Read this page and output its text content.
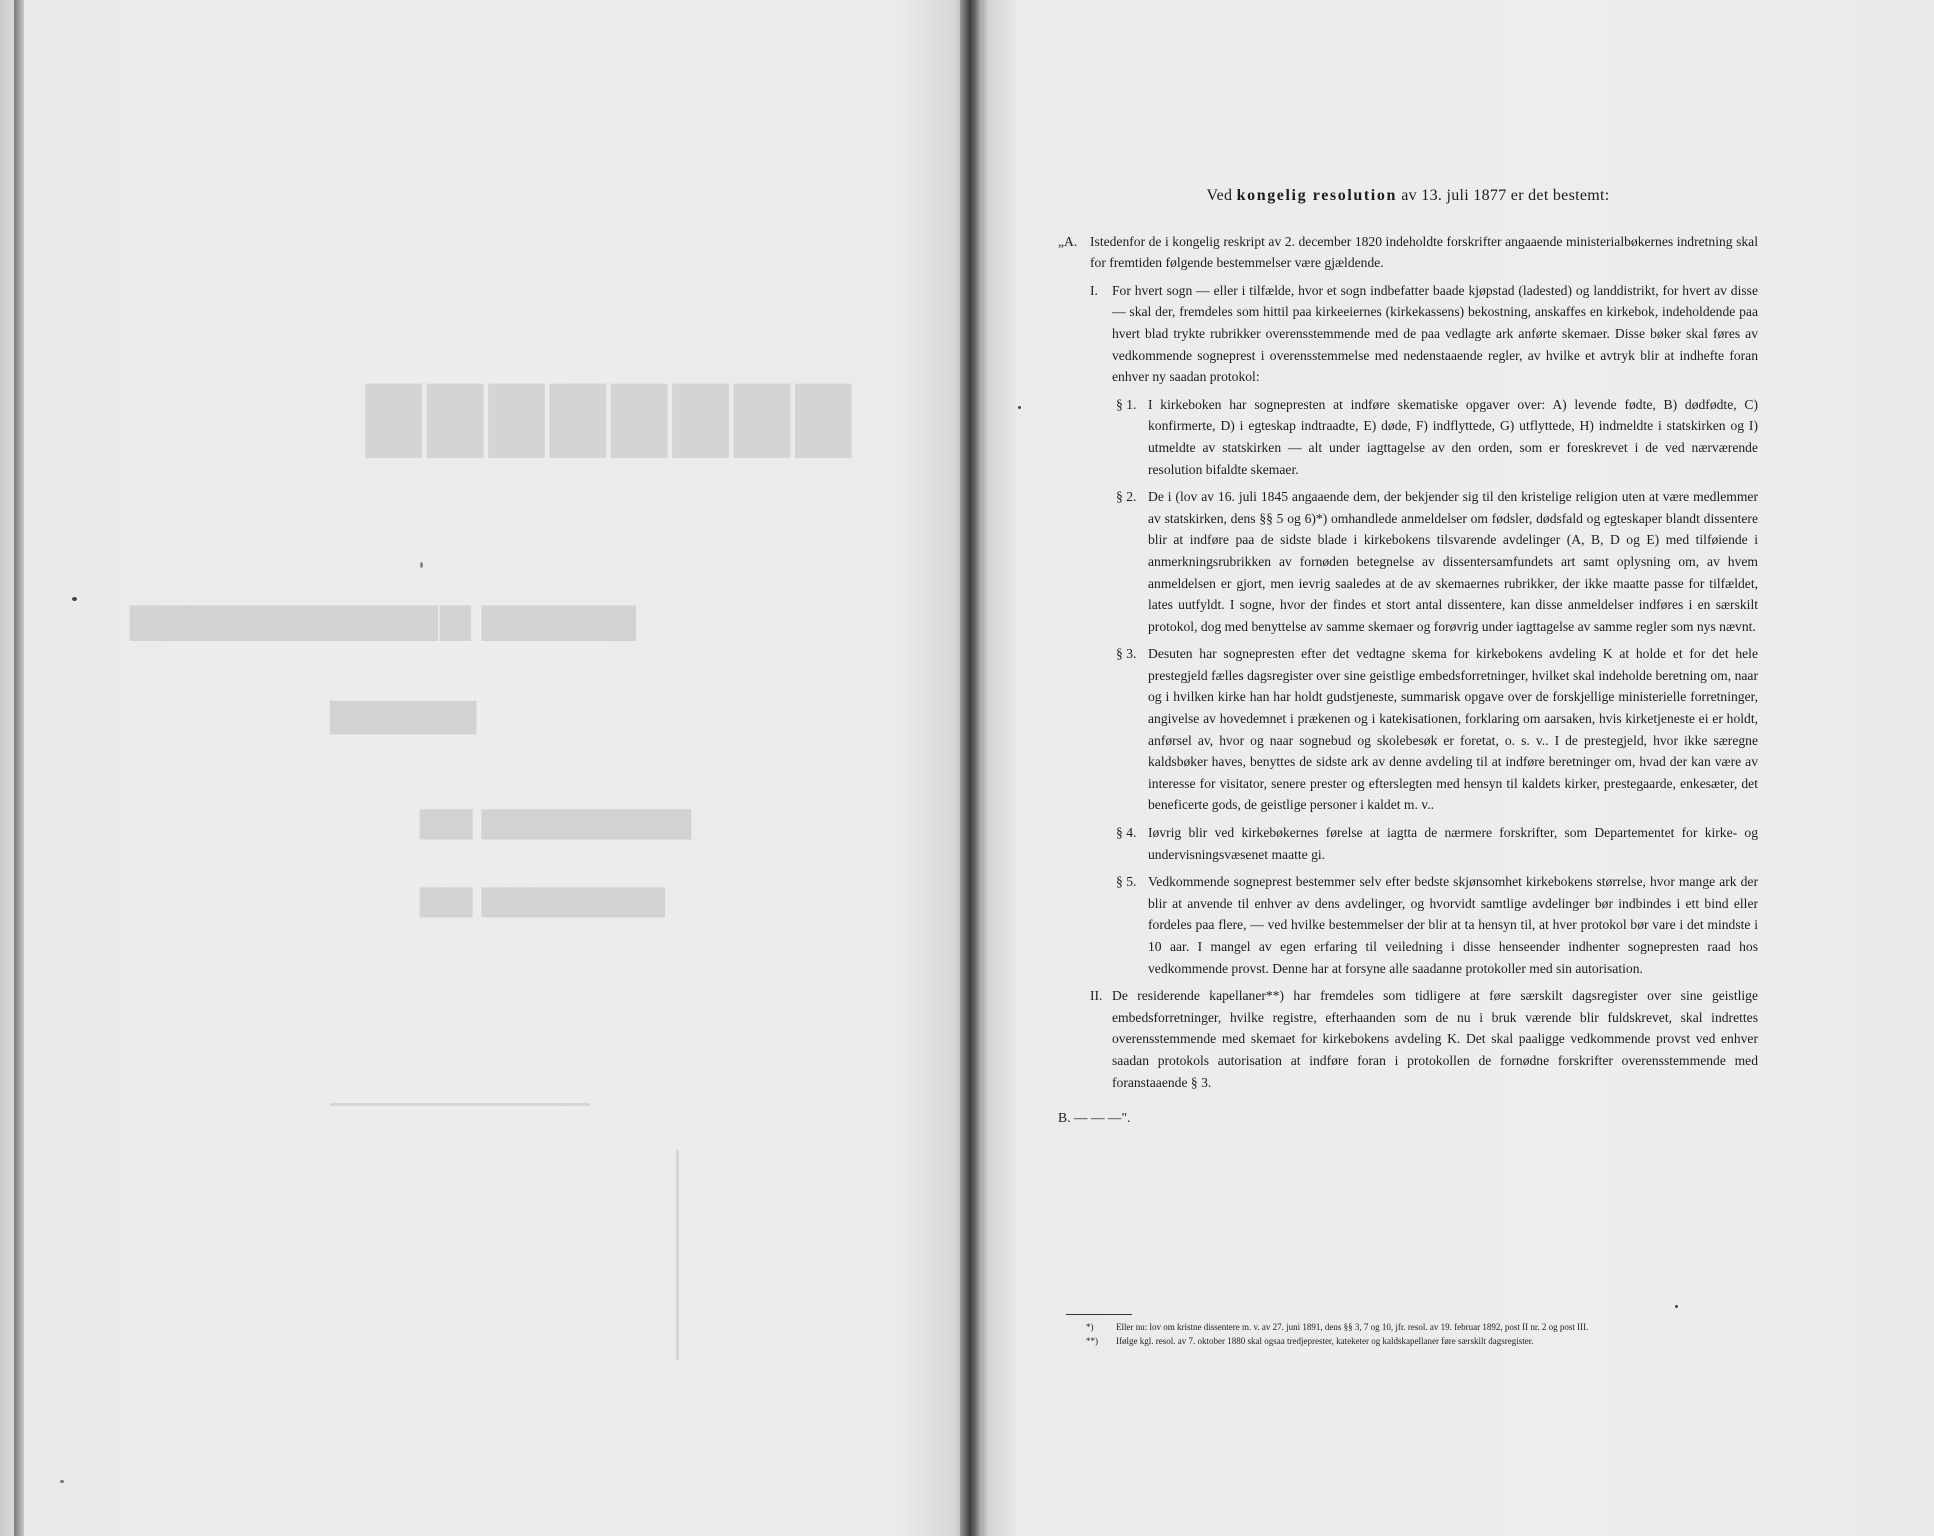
▇▇▇▇▇▇▇▇
▆▆▆▆▆ ▆
▆▆▆▆▆▆▆▆▆▆
▆▆▆▆▆
▆▆▆▆▆▆▆▆ ▆▆
▆▆▆▆▆▆▆ ▆▆
Ved kongelig resolution av 13. juli 1877 er det bestemt:
„A. Istedenfor de i kongelig reskript av 2. december 1820 indeholdte forskrifter angaaende ministerialbøkernes indretning skal for fremtiden følgende bestemmelser være gjældende.
I. For hvert sogn — eller i tilfælde, hvor et sogn indbefatter baade kjøpstad (ladested) og landdistrikt, for hvert av disse — skal der, fremdeles som hittil paa kirkeeiernes (kirkekassens) bekostning, anskaffes en kirkebok, indeholdende paa hvert blad trykte rubrikker overensstemmende med de paa vedlagte ark anførte skemaer. Disse bøker skal føres av vedkommende sogneprest i overensstemmelse med nedenstaaende regler, av hvilke et avtryk blir at indhefte foran enhver ny saadan protokol:
§ 1. I kirkeboken har sognepresten at indføre skematiske opgaver over: A) levende fødte, B) dødfødte, C) konfirmerte, D) i egteskap indtraadte, E) døde, F) indflyttede, G) utflyttede, H) indmeldte i statskirken og I) utmeldte av statskirken — alt under iagttagelse av den orden, som er foreskrevet i de ved nærværende resolution bifaldte skemaer.
§ 2. De i (lov av 16. juli 1845 angaaende dem, der bekjender sig til den kristelige religion uten at være medlemmer av statskirken, dens §§ 5 og 6)*) omhandlede anmeldelser om fødsler, dødsfald og egteskaper blandt dissentere blir at indføre paa de sidste blade i kirkebokens tilsvarende avdelinger (A, B, D og E) med tilføiende i anmerkningsrubrikken av fornøden betegnelse av dissentersamfundets art samt oplysning om, av hvem anmeldelsen er gjort, men ievrig saaledes at de av skemaernes rubrikker, der ikke maatte passe for tilfældet, lates uutfyldt. I sogne, hvor der findes et stort antal dissentere, kan disse anmeldelser indføres i en særskilt protokol, dog med benyttelse av samme skemaer og forøvrig under iagttagelse av samme regler som nys nævnt.
§ 3. Desuten har sognepresten efter det vedtagne skema for kirkebokens avdeling K at holde et for det hele prestegjeld fælles dagsregister over sine geistlige embedsforretninger, hvilket skal indeholde beretning om, naar og i hvilken kirke han har holdt gudstjeneste, summarisk opgave over de forskjellige ministerielle forretninger, angivelse av hovedemnet i prækenen og i katekisationen, forklaring om aarsaken, hvis kirketjeneste ei er holdt, anførsel av, hvor og naar sognebud og skolebesøk er foretat, o. s. v.. I de prestegjeld, hvor ikke særegne kaldsbøker haves, benyttes de sidste ark av denne avdeling til at indføre beretninger om, hvad der kan være av interesse for visitator, senere prester og efterslegten med hensyn til kaldets kirker, prestegaarde, enkesæter, det beneficerte gods, de geistlige personer i kaldet m. v..
§ 4. Iøvrig blir ved kirkebøkernes førelse at iagtta de nærmere forskrifter, som Departementet for kirke- og undervisningsvæsenet maatte gi.
§ 5. Vedkommende sogneprest bestemmer selv efter bedste skjønsomhet kirkebokens størrelse, hvor mange ark der blir at anvende til enhver av dens avdelinger, og hvorvidt samtlige avdelinger bør indbindes i ett bind eller fordeles paa flere, — ved hvilke bestemmelser der blir at ta hensyn til, at hver protokol bør vare i det mindste i 10 aar. I mangel av egen erfaring til veiledning i disse henseender indhenter sognepresten raad hos vedkommende provst. Denne har at forsyne alle saadanne protokoller med sin autorisation.
II. De residerende kapellaner**) har fremdeles som tidligere at føre særskilt dagsregister over sine geistlige embedsforretninger, hvilke registre, efterhaanden som de nu i bruk værende blir fuldskrevet, skal indrettes overensstemmende med skemaet for kirkebokens avdeling K. Det skal paaligge vedkommende provst ved enhver saadan protokols autorisation at indføre foran i protokollen de fornødne forskrifter overensstemmende med foranstaaende § 3.
B. — — —".
*)	Eller nu: lov om kristne dissentere m. v. av 27. juni 1891, dens §§ 3, 7 og 10, jfr. resol. av 19. februar 1892, post II nr. 2 og post III.
**) Ifølge kgl. resol. av 7. oktober 1880 skal ogsaa tredjeprester, kateketer og kaldskapellaner føre særskilt dagsregister.
